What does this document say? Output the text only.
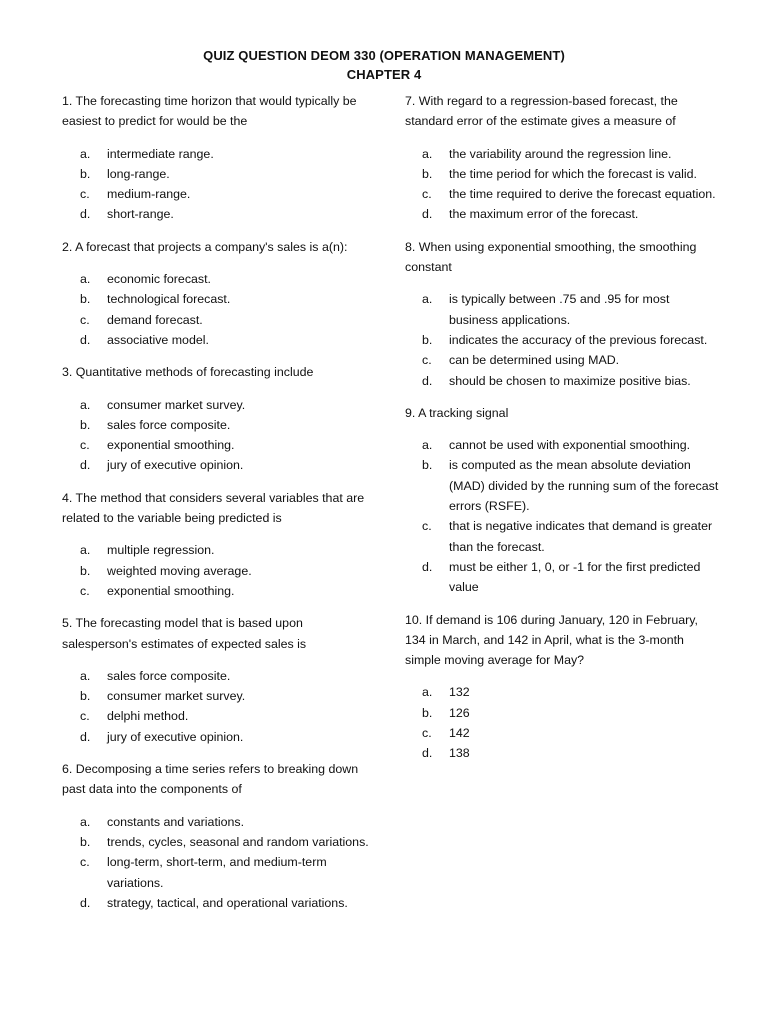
QUIZ QUESTION DEOM 330 (OPERATION MANAGEMENT)
CHAPTER 4
1. The forecasting time horizon that would typically be easiest to predict for would be the
a.	intermediate range.
b.	long-range.
c.	medium-range.
d.	short-range.
2. A forecast that projects a company's sales is a(n):
a.	economic forecast.
b.	technological forecast.
c.	demand forecast.
d.	associative model.
3. Quantitative methods of forecasting include
a.	consumer market survey.
b.	sales force composite.
c.	exponential smoothing.
d.	jury of executive opinion.
4. The method that considers several variables that are related to the variable being predicted is
a.	multiple regression.
b.	weighted moving average.
c.	exponential smoothing.
5. The forecasting model that is based upon salesperson's estimates of expected sales is
a.	sales force composite.
b.	consumer market survey.
c.	delphi method.
d.	jury of executive opinion.
6. Decomposing a time series refers to breaking down past data into the components of
a.	constants and variations.
b.	trends, cycles, seasonal and random variations.
c.	long-term, short-term, and medium-term variations.
d.	strategy, tactical, and operational variations.
7. With regard to a regression-based forecast, the standard error of the estimate gives a measure of
a.	the variability around the regression line.
b.	the time period for which the forecast is valid.
c.	the time required to derive the forecast equation.
d.	the maximum error of the forecast.
8. When using exponential smoothing, the smoothing constant
a.	is typically between .75 and .95 for most business applications.
b.	indicates the accuracy of the previous forecast.
c.	can be determined using MAD.
d.	should be chosen to maximize positive bias.
9. A tracking signal
a.	cannot be used with exponential smoothing.
b.	is computed as the mean absolute deviation (MAD) divided by the running sum of the forecast errors (RSFE).
c.	that is negative indicates that demand is greater than the forecast.
d.	must be either 1, 0, or -1 for the first predicted value
10. If demand is 106 during January, 120 in February, 134 in March, and 142 in April, what is the 3-month simple moving average for May?
a.	132
b.	126
c.	142
d.	138
